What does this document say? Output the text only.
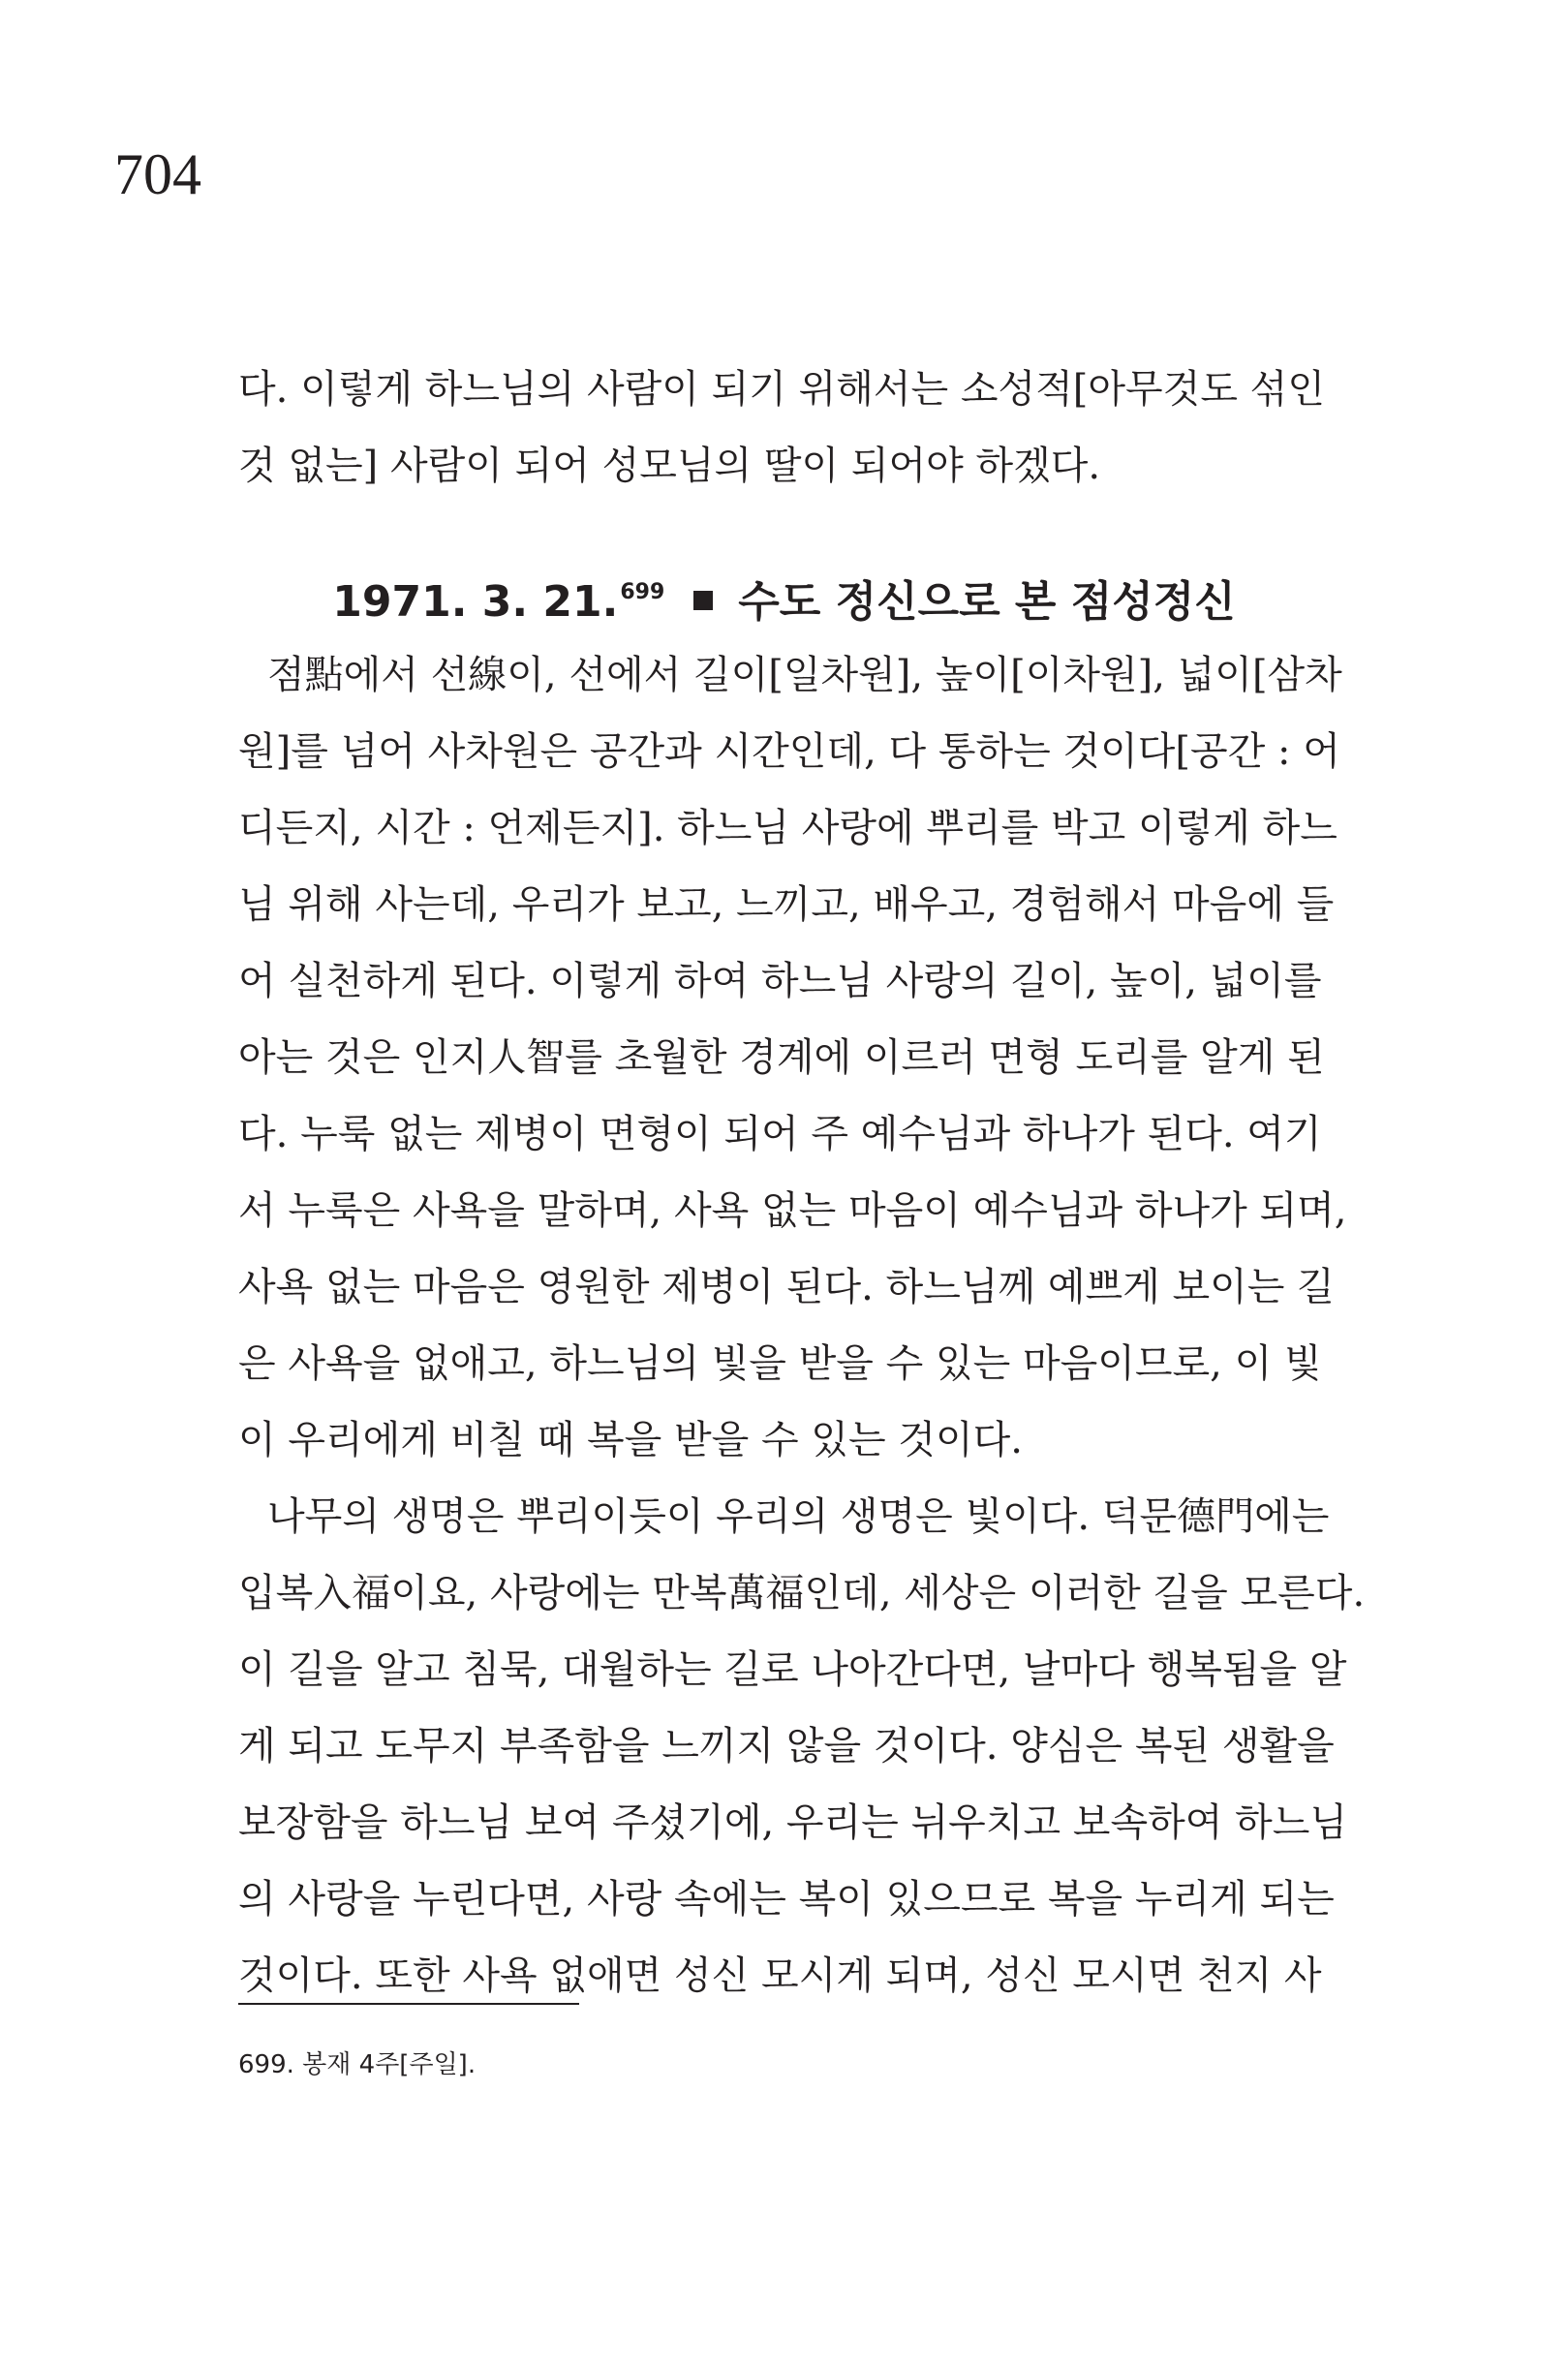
704
다. 이렇게 하느님의 사람이 되기 위해서는 소성적[아무것도 섞인
것 없는] 사람이 되어 성모님의 딸이 되어야 하겠다.
1971. 3. 21.$^{699}$ 수도 정신으로 본 점성정신
점點에서 선線이, 선에서 길이[일차원], 높이[이차원], 넓이[삼차
원]를 넘어 사차원은 공간과 시간인데, 다 통하는 것이다[공간 : 어
디든지, 시간 : 언제든지]. 하느님 사랑에 뿌리를 박고 이렇게 하느
님 위해 사는데, 우리가 보고, 느끼고, 배우고, 경험해서 마음에 들
어 실천하게 된다. 이렇게 하여 하느님 사랑의 길이, 높이, 넓이를
아는 것은 인지人智를 초월한 경계에 이르러 면형 도리를 알게 된
다. 누룩 없는 제병이 면형이 되어 주 예수님과 하나가 된다. 여기
서 누룩은 사욕을 말하며, 사욕 없는 마음이 예수님과 하나가 되며,
사욕 없는 마음은 영원한 제병이 된다. 하느님께 예쁘게 보이는 길
은 사욕을 없애고, 하느님의 빛을 받을 수 있는 마음이므로, 이 빛
이 우리에게 비칠 때 복을 받을 수 있는 것이다.
나무의 생명은 뿌리이듯이 우리의 생명은 빛이다. 덕문德門에는
입복入福이요, 사랑에는 만복萬福인데, 세상은 이러한 길을 모른다.
이 길을 알고 침묵, 대월하는 길로 나아간다면, 날마다 행복됨을 알
게 되고 도무지 부족함을 느끼지 않을 것이다. 양심은 복된 생활을
보장함을 하느님 보여 주셨기에, 우리는 뉘우치고 보속하여 하느님
의 사랑을 누린다면, 사랑 속에는 복이 있으므로 복을 누리게 되는
것이다. 또한 사욕 없애면 성신 모시게 되며, 성신 모시면 천지 사
699. 봉재 4주[주일].
